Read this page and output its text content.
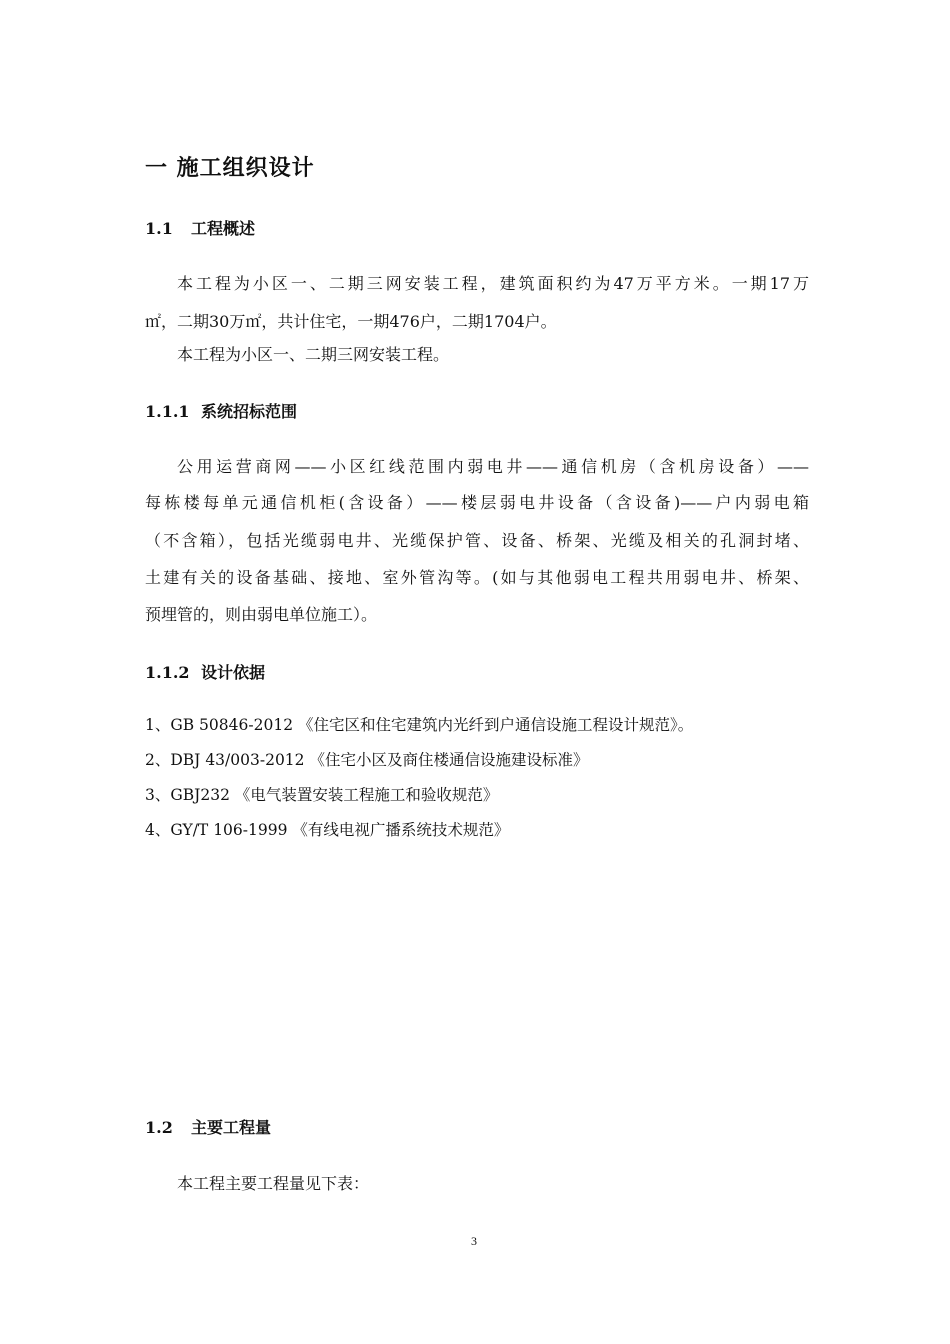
一 施工组织设计
1.1 工程概述
本工程为小区一、二期三网安装工程，建筑面积约为47万平方米。一期17万
㎡，二期30万㎡，共计住宅，一期476户，二期1704户。
本工程为小区一、二期三网安装工程。
1.1.1 系统招标范围
公用运营商网——小区红线范围内弱电井——通信机房（含机房设备）——
每栋楼每单元通信机柜(含设备）——楼层弱电井设备（含设备)——户内弱电箱
（不含箱），包括光缆弱电井、光缆保护管、设备、桥架、光缆及相关的孔洞封堵、
土建有关的设备基础、接地、室外管沟等。(如与其他弱电工程共用弱电井、桥架、
预埋管的，则由弱电单位施工）。
1.1.2 设计依据
1、GB 50846-2012 《住宅区和住宅建筑内光纤到户通信设施工程设计规范》。
2、DBJ 43/003-2012 《住宅小区及商住楼通信设施建设标准》
3、GBJ232 《电气装置安装工程施工和验收规范》
4、GY/T 106-1999 《有线电视广播系统技术规范》
1.2 主要工程量
本工程主要工程量见下表：
3
